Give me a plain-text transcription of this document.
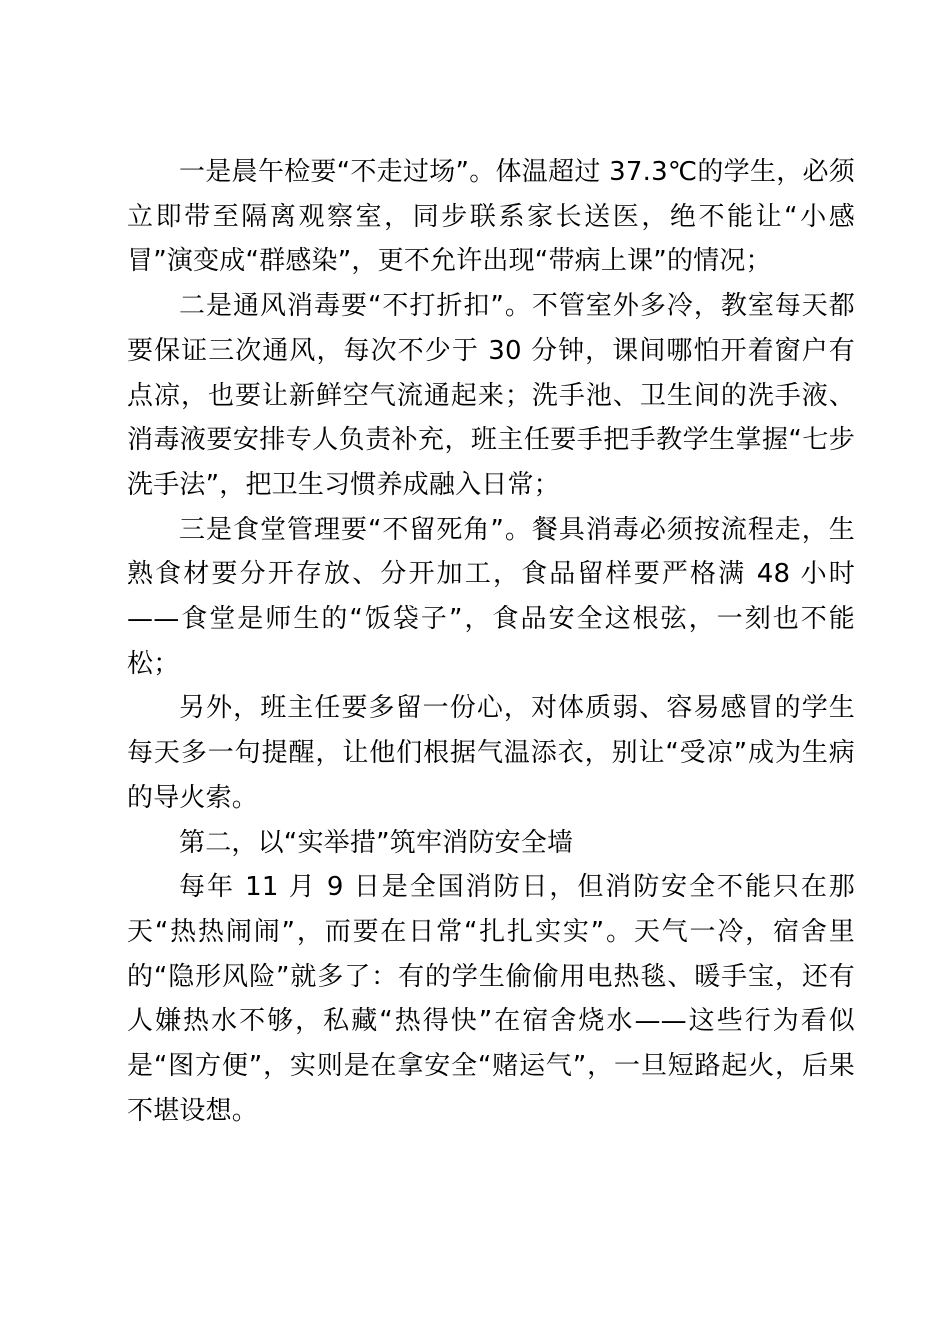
一是晨午检要“不走过场”。体温超过 37.3℃的学生，必须立即带至隔离观察室，同步联系家长送医，绝不能让“小感冒”演变成“群感染”，更不允许出现“带病上课”的情况；

二是通风消毒要“不打折扣”。不管室外多冷，教室每天都要保证三次通风，每次不少于 30 分钟，课间哪怕开着窗户有点凉，也要让新鲜空气流通起来；洗手池、卫生间的洗手液、消毒液要安排专人负责补充，班主任要手把手教学生掌握“七步洗手法”，把卫生习惯养成融入日常；

三是食堂管理要“不留死角”。餐具消毒必须按流程走，生熟食材要分开存放、分开加工，食品留样要严格满 48 小时——食堂是师生的“饭袋子”，食品安全这根弦，一刻也不能松；

另外，班主任要多留一份心，对体质弱、容易感冒的学生每天多一句提醒，让他们根据气温添衣，别让“受凉”成为生病的导火索。

第二，以“实举措”筑牢消防安全墙

每年 11 月 9 日是全国消防日，但消防安全不能只在那天“热热闹闹”，而要在日常“扎扎实实”。天气一冷，宿舍里的“隐形风险”就多了：有的学生偷偷用电热毯、暖手宝，还有人嫌热水不够，私藏“热得快”在宿舍烧水——这些行为看似是“图方便”，实则是在拿安全“赌运气”，一旦短路起火，后果不堪设想。
